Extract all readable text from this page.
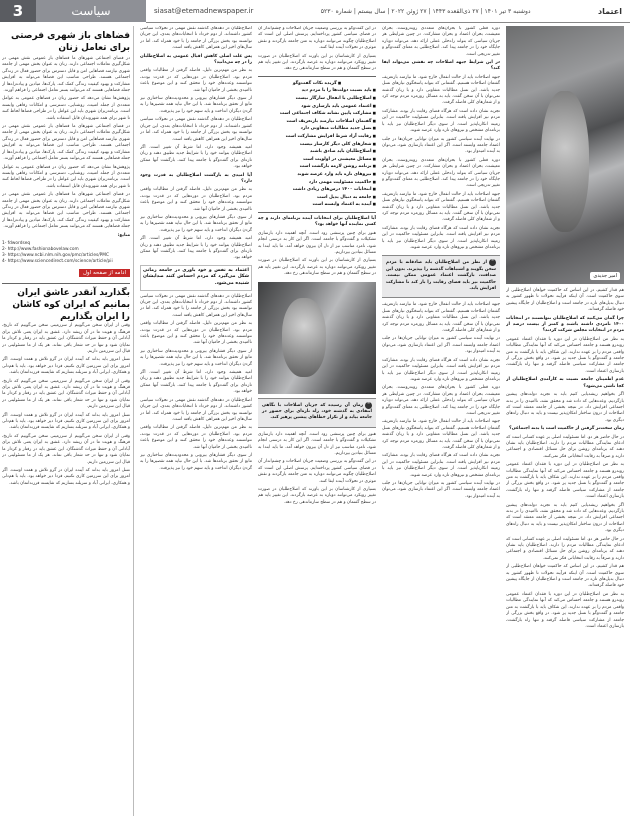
3	سیاست	siasat@etemadnewspaper.ir	دوشنبه ۳ تیر ۱۴۰۱ | ۲۷ ذی‌القعده ۱۴۴۳ | ۲۷ ژوئن ۲۰۲۲ | سال بیستم | شماره ۵۲۳۰	اعتماد
امیر جدیدی

هم قدار کشیم، در این اساس که حاکمیت خواهان اصلاح‌طلبی از سوی حاکمیت است. آن اینکه فرآیند تحولات تا ظهور کشور به دنبال بدیل‌های تازه در جامعه است و اصلاح‌طلبان از جایگاه پیشین خود فاصله گرفته‌اند.

چرا گمان می‌کنید که اصلاح‌طلبان نتوانستند در انتخابات ۱۴۰۰ نامزدی داشته باشند و کمتر از بیست درصد از مردم در انتخابات مجلس شرکت کردند؟

به نظر من اصلاح‌طلبان در این دوره با فقدان اعتماد عمومی روبه‌رو هستند و جامعه احساس می‌کند که آنها نمایندگی مطالبات واقعی مردم را بر عهده ندارند. این شکاف باید با بازگشت به متن جامعه و گفت‌وگو با نسل جدید پر شود. در واقع بخش بزرگی از جامعه از مشارکت سیاسی فاصله گرفته و تنها راه بازگشت، بازسازی اعتماد است.

عدم اطمینان جامعه نسبت به کارآمدی اصلاح‌طلبان از کجا ناشی می‌شود؟

اگر بخواهیم ریشه‌یابی کنیم باید به تجربه دولت‌های پیشین بازگردیم. وعده‌هایی که داده شد و محقق نشد، ناامیدی را در بدنه اجتماعی افزایش داد. در نتیجه بخشی از جامعه معتقد است که اصلاحات از درون ساختار امکان‌پذیر نیست و باید به دنبال راه‌های دیگری بود.

زمان سخت‌تر گرفتن از حاکمیت است یا بدنه اجتماعی؟

در حال حاضر هر دو. اما مسئولیت اصلی بر عهده کسانی است که ادعای نمایندگی مطالبات مردم را دارند. اصلاح‌طلبان باید نشان دهند که برنامه‌ای روشن برای حل مسائل اقتصادی و اجتماعی دارند و صرفاً به رقابت انتخاباتی فکر نمی‌کنند.

به نظر من اصلاح‌طلبان در این دوره با فقدان اعتماد عمومی روبه‌رو هستند و جامعه احساس می‌کند که آنها نمایندگی مطالبات واقعی مردم را بر عهده ندارند. این شکاف باید با بازگشت به متن جامعه و گفت‌وگو با نسل جدید پر شود. در واقع بخش بزرگی از جامعه از مشارکت سیاسی فاصله گرفته و تنها راه بازگشت، بازسازی اعتماد است.

اگر بخواهیم ریشه‌یابی کنیم باید به تجربه دولت‌های پیشین بازگردیم. وعده‌هایی که داده شد و محقق نشد، ناامیدی را در بدنه اجتماعی افزایش داد. در نتیجه بخشی از جامعه معتقد است که اصلاحات از درون ساختار امکان‌پذیر نیست و باید به دنبال راه‌های دیگری بود.

در حال حاضر هر دو. اما مسئولیت اصلی بر عهده کسانی است که ادعای نمایندگی مطالبات مردم را دارند. اصلاح‌طلبان باید نشان دهند که برنامه‌ای روشن برای حل مسائل اقتصادی و اجتماعی دارند و صرفاً به رقابت انتخاباتی فکر نمی‌کنند.

هم قدار کشیم، در این اساس که حاکمیت خواهان اصلاح‌طلبی از سوی حاکمیت است. آن اینکه فرآیند تحولات تا ظهور کشور به دنبال بدیل‌های تازه در جامعه است و اصلاح‌طلبان از جایگاه پیشین خود فاصله گرفته‌اند.

به نظر من اصلاح‌طلبان در این دوره با فقدان اعتماد عمومی روبه‌رو هستند و جامعه احساس می‌کند که آنها نمایندگی مطالبات واقعی مردم را بر عهده ندارند. این شکاف باید با بازگشت به متن جامعه و گفت‌وگو با نسل جدید پر شود. در واقع بخش بزرگی از جامعه از مشارکت سیاسی فاصله گرفته و تنها راه بازگشت، بازسازی اعتماد است.

دوره فعلی کشور با بحران‌های متعددی روبه‌روست. بحران معیشت، بحران اعتماد و بحران مشارکت. در چنین شرایطی هر جریان سیاسی که بتواند راه‌حلی عملی ارائه دهد، می‌تواند دوباره جایگاه خود را در جامعه پیدا کند. اصلاح‌طلبی به معنای گفت‌وگو و تغییر تدریجی است.

در این شرایط جبهه اصلاحات چه نقشی می‌تواند ایفا کند؟

جبهه اصلاحات باید از حالت انفعال خارج شود. ما نیازمند بازتعریف گفتمان اصلاحات هستیم. گفتمانی که بتواند پاسخگوی نیازهای نسل جدید باشد. این نسل مطالبات متفاوتی دارد و با زبان گذشته نمی‌توان با آن سخن گفت. باید به مسائل روزمره مردم توجه کرد و از شعارهای کلی فاصله گرفت.

تجربه نشان داده است که هرگاه فضای رقابت باز بوده، مشارکت مردم نیز افزایش یافته است. بنابراین مسئولیت حاکمیت در این زمینه انکارناپذیر است. از سوی دیگر اصلاح‌طلبان نیز باید با برنامه‌ای مشخص و نیروهای تازه وارد عرصه شوند.

در نهایت آینده سیاسی کشور به میزان توانایی جریان‌ها در جلب اعتماد جامعه وابسته است. اگر این اعتماد بازسازی شود، می‌توان به آینده امیدوار بود.

دوره فعلی کشور با بحران‌های متعددی روبه‌روست. بحران معیشت، بحران اعتماد و بحران مشارکت. در چنین شرایطی هر جریان سیاسی که بتواند راه‌حلی عملی ارائه دهد، می‌تواند دوباره جایگاه خود را در جامعه پیدا کند. اصلاح‌طلبی به معنای گفت‌وگو و تغییر تدریجی است.

جبهه اصلاحات باید از حالت انفعال خارج شود. ما نیازمند بازتعریف گفتمان اصلاحات هستیم. گفتمانی که بتواند پاسخگوی نیازهای نسل جدید باشد. این نسل مطالبات متفاوتی دارد و با زبان گذشته نمی‌توان با آن سخن گفت. باید به مسائل روزمره مردم توجه کرد و از شعارهای کلی فاصله گرفت.

تجربه نشان داده است که هرگاه فضای رقابت باز بوده، مشارکت مردم نیز افزایش یافته است. بنابراین مسئولیت حاکمیت در این زمینه انکارناپذیر است. از سوی دیگر اصلاح‌طلبان نیز باید با برنامه‌ای مشخص و نیروهای تازه وارد عرصه شوند.

"از نظر من اصلاح‌طلبان باید صادقانه با مردم سخن بگویند و اشتباهات گذشته را بپذیرند. بدون این صداقت، بازگشت اعتماد عمومی ممکن نیست. حاکمیت نیز باید فضای رقابت را باز کند تا مشارکت افزایش یابد.

جبهه اصلاحات باید از حالت انفعال خارج شود. ما نیازمند بازتعریف گفتمان اصلاحات هستیم. گفتمانی که بتواند پاسخگوی نیازهای نسل جدید باشد. این نسل مطالبات متفاوتی دارد و با زبان گذشته نمی‌توان با آن سخن گفت. باید به مسائل روزمره مردم توجه کرد و از شعارهای کلی فاصله گرفت.

در نهایت آینده سیاسی کشور به میزان توانایی جریان‌ها در جلب اعتماد جامعه وابسته است. اگر این اعتماد بازسازی شود، می‌توان به آینده امیدوار بود.

تجربه نشان داده است که هرگاه فضای رقابت باز بوده، مشارکت مردم نیز افزایش یافته است. بنابراین مسئولیت حاکمیت در این زمینه انکارناپذیر است. از سوی دیگر اصلاح‌طلبان نیز باید با برنامه‌ای مشخص و نیروهای تازه وارد عرصه شوند.

دوره فعلی کشور با بحران‌های متعددی روبه‌روست. بحران معیشت، بحران اعتماد و بحران مشارکت. در چنین شرایطی هر جریان سیاسی که بتواند راه‌حلی عملی ارائه دهد، می‌تواند دوباره جایگاه خود را در جامعه پیدا کند. اصلاح‌طلبی به معنای گفت‌وگو و تغییر تدریجی است.

جبهه اصلاحات باید از حالت انفعال خارج شود. ما نیازمند بازتعریف گفتمان اصلاحات هستیم. گفتمانی که بتواند پاسخگوی نیازهای نسل جدید باشد. این نسل مطالبات متفاوتی دارد و با زبان گذشته نمی‌توان با آن سخن گفت. باید به مسائل روزمره مردم توجه کرد و از شعارهای کلی فاصله گرفت.

تجربه نشان داده است که هرگاه فضای رقابت باز بوده، مشارکت مردم نیز افزایش یافته است. بنابراین مسئولیت حاکمیت در این زمینه انکارناپذیر است. از سوی دیگر اصلاح‌طلبان نیز باید با برنامه‌ای مشخص و نیروهای تازه وارد عرصه شوند.

در نهایت آینده سیاسی کشور به میزان توانایی جریان‌ها در جلب اعتماد جامعه وابسته است. اگر این اعتماد بازسازی شود، می‌توان به آینده امیدوار بود.

در این گفت‌وگو به بررسی وضعیت جریان اصلاحات و چشم‌انداز آن در فضای سیاسی کشور پرداخته‌ایم. پرسش اصلی این است که اصلاح‌طلبان چگونه می‌توانند دوباره به متن جامعه بازگردند و نقش موثری در تحولات آینده ایفا کنند.

بسیاری از کارشناسان بر این باورند که اصلاح‌طلبان در صورت تغییر رویکرد می‌توانند دوباره به عرصه بازگردند. این تغییر باید هم در سطح گفتمان و هم در سطح سازماندهی رخ دهد.

■ گزیده نکات گفت‌وگو
■ باید نسبت دولت‌ها را با مردم دید
■ اصلاح‌طلبی با انفعال سازگار نیست
■ اعتماد عمومی باید بازسازی شود
■ مشارکت پایین نشانه شکاف اجتماعی است
■ گفتمان اصلاحات نیازمند بازتعریف است
■ نسل جدید مطالبات متفاوتی دارد
■ رقابت آزاد شرط افزایش مشارکت است
■ شعارهای کلی دیگر کارساز نیست
■ اصلاح‌طلبان باید صادق باشند
■ مسائل معیشتی در اولویت است
■ برنامه روشن لازمه بازگشت است
■ نیروهای تازه باید وارد عرصه شوند
■ حاکمیت مسئولیت مهمی دارد
■ انتخابات ۱۴۰۰ درس‌های زیادی داشت
■ جامعه به دنبال بدیل است
■ آینده به اعتماد وابسته است

آیا اصلاح‌طلبان برای انتخابات آینده برنامه‌ای دارند و چه کسی نماینده آنها خواهد بود؟

هنوز برای چنین پرسشی زود است. آنچه اهمیت دارد بازسازی تشکیلات و گفت‌وگو با جامعه است. اگر این کار به درستی انجام شود، نامزد مناسب نیز از دل آن بیرون خواهد آمد. ما باید ابتدا به مسائل بنیادین بپردازیم.

بسیاری از کارشناسان بر این باورند که اصلاح‌طلبان در صورت تغییر رویکرد می‌توانند دوباره به عرصه بازگردند. این تغییر باید هم در سطح گفتمان و هم در سطح سازماندهی رخ دهد.

"زمان آن رسیده که جریان اصلاحات با نگاهی انتقادی به گذشته خود، راه تازه‌ای برای حضور در جامعه بیابد و از تکرار خطاهای پیشین پرهیز کند.

هنوز برای چنین پرسشی زود است. آنچه اهمیت دارد بازسازی تشکیلات و گفت‌وگو با جامعه است. اگر این کار به درستی انجام شود، نامزد مناسب نیز از دل آن بیرون خواهد آمد. ما باید ابتدا به مسائل بنیادین بپردازیم.

در این گفت‌وگو به بررسی وضعیت جریان اصلاحات و چشم‌انداز آن در فضای سیاسی کشور پرداخته‌ایم. پرسش اصلی این است که اصلاح‌طلبان چگونه می‌توانند دوباره به متن جامعه بازگردند و نقش موثری در تحولات آینده ایفا کنند.

بسیاری از کارشناسان بر این باورند که اصلاح‌طلبان در صورت تغییر رویکرد می‌توانند دوباره به عرصه بازگردند. این تغییر باید هم در سطح گفتمان و هم در سطح سازماندهی رخ دهد.

اصلاح‌طلبان در دهه‌های گذشته نقش مهمی در تحولات سیاسی کشور داشته‌اند. از دوم خرداد تا انتخابات‌های بعدی، این جریان توانسته بود بخش بزرگی از جامعه را با خود همراه کند. اما در سال‌های اخیر این همراهی کاهش یافته است.

پس علت اصلی کاهش اقبال عمومی به اصلاح‌طلبان را در چه می‌دانید؟

به نظر من مهم‌ترین دلیل، فاصله گرفتن از مطالبات واقعی مردم بود. اصلاح‌طلبان در دوره‌هایی که در قدرت بودند، نتوانستند وعده‌های خود را محقق کنند و این موضوع باعث ناامیدی بخشی از حامیان آنها شد.

از سوی دیگر فشارهای بیرونی و محدودیت‌های ساختاری نیز مانع از تحقق برنامه‌ها شد. با این حال نباید همه تقصیرها را به گردن دیگران انداخت و باید سهم خود را نیز پذیرفت.

اصلاح‌طلبان در دهه‌های گذشته نقش مهمی در تحولات سیاسی کشور داشته‌اند. از دوم خرداد تا انتخابات‌های بعدی، این جریان توانسته بود بخش بزرگی از جامعه را با خود همراه کند. اما در سال‌های اخیر این همراهی کاهش یافته است.

امید همیشه وجود دارد، اما شرط آن تغییر است. اگر اصلاح‌طلبان بتوانند خود را با شرایط جدید تطبیق دهند و زبان تازه‌ای برای گفت‌وگو با جامعه پیدا کنند، بازگشت آنها ممکن خواهد بود.

آیا امیدی به بازگشت اصلاح‌طلبان به قدرت وجود دارد؟

به نظر من مهم‌ترین دلیل، فاصله گرفتن از مطالبات واقعی مردم بود. اصلاح‌طلبان در دوره‌هایی که در قدرت بودند، نتوانستند وعده‌های خود را محقق کنند و این موضوع باعث ناامیدی بخشی از حامیان آنها شد.

از سوی دیگر فشارهای بیرونی و محدودیت‌های ساختاری نیز مانع از تحقق برنامه‌ها شد. با این حال نباید همه تقصیرها را به گردن دیگران انداخت و باید سهم خود را نیز پذیرفت.

امید همیشه وجود دارد، اما شرط آن تغییر است. اگر اصلاح‌طلبان بتوانند خود را با شرایط جدید تطبیق دهند و زبان تازه‌ای برای گفت‌وگو با جامعه پیدا کنند، بازگشت آنها ممکن خواهد بود.

اعتماد به نفس و خود باوری در جامعه زمانی شکل می‌گیرد که مردم احساس کنند صدایشان شنیده می‌شود.

اصلاح‌طلبان در دهه‌های گذشته نقش مهمی در تحولات سیاسی کشور داشته‌اند. از دوم خرداد تا انتخابات‌های بعدی، این جریان توانسته بود بخش بزرگی از جامعه را با خود همراه کند. اما در سال‌های اخیر این همراهی کاهش یافته است.

به نظر من مهم‌ترین دلیل، فاصله گرفتن از مطالبات واقعی مردم بود. اصلاح‌طلبان در دوره‌هایی که در قدرت بودند، نتوانستند وعده‌های خود را محقق کنند و این موضوع باعث ناامیدی بخشی از حامیان آنها شد.

از سوی دیگر فشارهای بیرونی و محدودیت‌های ساختاری نیز مانع از تحقق برنامه‌ها شد. با این حال نباید همه تقصیرها را به گردن دیگران انداخت و باید سهم خود را نیز پذیرفت.

امید همیشه وجود دارد، اما شرط آن تغییر است. اگر اصلاح‌طلبان بتوانند خود را با شرایط جدید تطبیق دهند و زبان تازه‌ای برای گفت‌وگو با جامعه پیدا کنند، بازگشت آنها ممکن خواهد بود.

اصلاح‌طلبان در دهه‌های گذشته نقش مهمی در تحولات سیاسی کشور داشته‌اند. از دوم خرداد تا انتخابات‌های بعدی، این جریان توانسته بود بخش بزرگی از جامعه را با خود همراه کند. اما در سال‌های اخیر این همراهی کاهش یافته است.

به نظر من مهم‌ترین دلیل، فاصله گرفتن از مطالبات واقعی مردم بود. اصلاح‌طلبان در دوره‌هایی که در قدرت بودند، نتوانستند وعده‌های خود را محقق کنند و این موضوع باعث ناامیدی بخشی از حامیان آنها شد.

از سوی دیگر فشارهای بیرونی و محدودیت‌های ساختاری نیز مانع از تحقق برنامه‌ها شد. با این حال نباید همه تقصیرها را به گردن دیگران انداخت و باید سهم خود را نیز پذیرفت.

فضاهای باز شهری فرصتی برای تعامل زنان

در فضای اجتماعی شهرهای ما فضاهای باز عمومی نقش مهمی در شکل‌گیری تعاملات اجتماعی دارند. زنان به عنوان بخش مهمی از جامعه شهری نیازمند فضاهایی امن و قابل دسترس برای حضور فعال در زندگی اجتماعی هستند. طراحی مناسب این فضاها می‌تواند به افزایش مشارکت و بهبود کیفیت زندگی کمک کند. پارک‌ها، میادین و پیاده‌راه‌ها از جمله فضاهایی هستند که می‌توانند بستر تعامل اجتماعی را فراهم آورند.

پژوهش‌ها نشان می‌دهد که حضور زنان در فضاهای عمومی به عوامل متعددی از جمله امنیت، روشنایی، دسترسی و امکانات رفاهی وابسته است. برنامه‌ریزان شهری باید این عوامل را در طراحی فضاها لحاظ کنند تا شهر برای همه شهروندان قابل استفاده باشد.

در فضای اجتماعی شهرهای ما فضاهای باز عمومی نقش مهمی در شکل‌گیری تعاملات اجتماعی دارند. زنان به عنوان بخش مهمی از جامعه شهری نیازمند فضاهایی امن و قابل دسترس برای حضور فعال در زندگی اجتماعی هستند. طراحی مناسب این فضاها می‌تواند به افزایش مشارکت و بهبود کیفیت زندگی کمک کند. پارک‌ها، میادین و پیاده‌راه‌ها از جمله فضاهایی هستند که می‌توانند بستر تعامل اجتماعی را فراهم آورند.

پژوهش‌ها نشان می‌دهد که حضور زنان در فضاهای عمومی به عوامل متعددی از جمله امنیت، روشنایی، دسترسی و امکانات رفاهی وابسته است. برنامه‌ریزان شهری باید این عوامل را در طراحی فضاها لحاظ کنند تا شهر برای همه شهروندان قابل استفاده باشد.

در فضای اجتماعی شهرهای ما فضاهای باز عمومی نقش مهمی در شکل‌گیری تعاملات اجتماعی دارند. زنان به عنوان بخش مهمی از جامعه شهری نیازمند فضاهایی امن و قابل دسترس برای حضور فعال در زندگی اجتماعی هستند. طراحی مناسب این فضاها می‌تواند به افزایش مشارکت و بهبود کیفیت زندگی کمک کند. پارک‌ها، میادین و پیاده‌راه‌ها از جمله فضاهایی هستند که می‌توانند بستر تعامل اجتماعی را فراهم آورند.

منابع:

1- fdwordseq
2- http://www.fashionabovelaw.com
3- https://www.ncbi.nlm.nih.gov/pmc/articles/PMC
4- https://www.sciencedirect.com/science/article/pii
ادامه از صفحه اول
بگذارید آنقدر عاشق ایران بمانیم که ایران کوه کاشان را ایران بگذاریم

وقتی از ایران سخن می‌گوییم از سرزمینی سخن می‌گوییم که تاریخ، فرهنگ و هویت ما در آن ریشه دارد. عشق به ایران یعنی تلاش برای آبادانی آن و حفظ میراث گذشتگان. این عشق باید در رفتار و کردار ما نمایان شود و تنها در حد شعار باقی نماند. هر یک از ما مسئولیتی در قبال این سرزمین داریم.

نسل امروز باید بداند که آینده ایران در گرو تلاش و همت اوست. اگر امروز برای این سرزمین کاری نکنیم، فردا دیر خواهد بود. باید با هم‌دلی و همکاری، ایرانی آباد و سربلند بسازیم که شایسته فرزندانمان باشد.

وقتی از ایران سخن می‌گوییم از سرزمینی سخن می‌گوییم که تاریخ، فرهنگ و هویت ما در آن ریشه دارد. عشق به ایران یعنی تلاش برای آبادانی آن و حفظ میراث گذشتگان. این عشق باید در رفتار و کردار ما نمایان شود و تنها در حد شعار باقی نماند. هر یک از ما مسئولیتی در قبال این سرزمین داریم.

نسل امروز باید بداند که آینده ایران در گرو تلاش و همت اوست. اگر امروز برای این سرزمین کاری نکنیم، فردا دیر خواهد بود. باید با هم‌دلی و همکاری، ایرانی آباد و سربلند بسازیم که شایسته فرزندانمان باشد.

وقتی از ایران سخن می‌گوییم از سرزمینی سخن می‌گوییم که تاریخ، فرهنگ و هویت ما در آن ریشه دارد. عشق به ایران یعنی تلاش برای آبادانی آن و حفظ میراث گذشتگان. این عشق باید در رفتار و کردار ما نمایان شود و تنها در حد شعار باقی نماند. هر یک از ما مسئولیتی در قبال این سرزمین داریم.

نسل امروز باید بداند که آینده ایران در گرو تلاش و همت اوست. اگر امروز برای این سرزمین کاری نکنیم، فردا دیر خواهد بود. باید با هم‌دلی و همکاری، ایرانی آباد و سربلند بسازیم که شایسته فرزندانمان باشد.
